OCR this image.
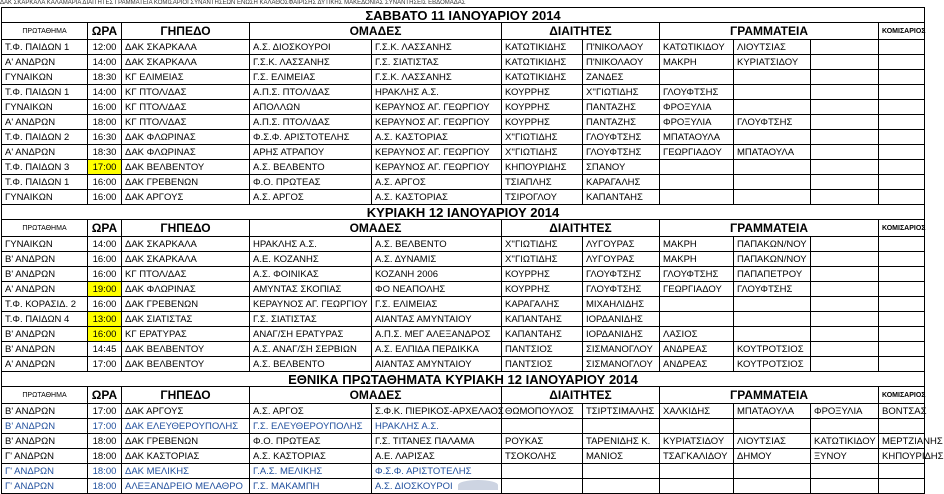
ΔΑΚ ΣΚΑΡΚΑΛΑ ΚΑΛΑΜΑΡΙΑ ΔΙΑΙΤΗΤΕΣ ΓΡΑΜΜΑΤΕΙΑ ΚΟΜΙΣΑΡΙΟΙ ΣΥΝΑΝΤΗΣΕΩΝ ΕΝΩΣΗ ΚΑΛΑΘΟΣΦΑΙΡΙΣΗΣ ΔΥΤΙΚΗΣ ΜΑΚΕΔΟΝΙΑΣ ΣΥΝΑΝΤΗΣΕΙΣ ΕΒΔΟΜΑΔΑΣ
ΣΑΒΒΑΤΟ 11 ΙΑΝΟΥΑΡΙΟΥ 2014										
ΠΡΩΤΑΘΗΜΑ	ΩΡΑ	ΓΗΠΕΔΟ	ΟΜΑΔΕΣ		ΔΙΑΙΤΗΤΕΣ		ΓΡΑΜΜΑΤΕΙΑ			ΚΟΜΙΣΑΡΙΟΣ
Τ.Φ. ΠΑΙΔΩΝ 1	12:00	ΔΑΚ ΣΚΑΡΚΑΛΑ	Α.Σ. ΔΙΟΣΚΟΥΡΟΙ	Γ.Σ.Κ. ΛΑΣΣΑΝΗΣ	ΚΑΤΩΤΙΚΙΔΗΣ	Π'ΝΙΚΟΛΑΟΥ	ΚΑΤΩΤΙΚΙΔΟΥ	ΛΙΟΥΤΣΙΑΣ		
Α' ΑΝΔΡΩΝ	14:00	ΔΑΚ ΣΚΑΡΚΑΛΑ	Γ.Σ.Κ. ΛΑΣΣΑΝΗΣ	Γ.Σ. ΣΙΑΤΙΣΤΑΣ	ΚΑΤΩΤΙΚΙΔΗΣ	Π'ΝΙΚΟΛΑΟΥ	ΜΑΚΡΗ	ΚΥΡΙΑΤΣΙΔΟΥ		
ΓΥΝΑΙΚΩΝ	18:30	ΚΓ ΕΛΙΜΕΙΑΣ	Γ.Σ. ΕΛΙΜΕΙΑΣ	Γ.Σ.Κ. ΛΑΣΣΑΝΗΣ	ΚΑΤΩΤΙΚΙΔΗΣ	ΖΑΝΔΕΣ				
Τ.Φ. ΠΑΙΔΩΝ 1	14:00	ΚΓ ΠΤΟΛ/ΔΑΣ	Α.Π.Σ. ΠΤΟΛ/ΔΑΣ	ΗΡΑΚΛΗΣ Α.Σ.	ΚΟΥΡΡΗΣ	Χ''ΓΙΩΤΙΔΗΣ	ΓΛΟΥΦΤΣΗΣ			
ΓΥΝΑΙΚΩΝ	16:00	ΚΓ ΠΤΟΛ/ΔΑΣ	ΑΠΟΛΛΩΝ	ΚΕΡΑΥΝΟΣ ΑΓ. ΓΕΩΡΓΙΟΥ	ΚΟΥΡΡΗΣ	ΠΑΝΤΑΖΗΣ	ΦΡΟΞΥΛΙΑ			
Α' ΑΝΔΡΩΝ	18:00	ΚΓ ΠΤΟΛ/ΔΑΣ	Α.Π.Σ. ΠΤΟΛ/ΔΑΣ	ΚΕΡΑΥΝΟΣ ΑΓ. ΓΕΩΡΓΙΟΥ	ΚΟΥΡΡΗΣ	ΠΑΝΤΑΖΗΣ	ΦΡΟΞΥΛΙΑ	ΓΛΟΥΦΤΣΗΣ		
Τ.Φ. ΠΑΙΔΩΝ 2	16:30	ΔΑΚ ΦΛΩΡΙΝΑΣ	Φ.Σ.Φ. ΑΡΙΣΤΟΤΕΛΗΣ	Α.Σ. ΚΑΣΤΟΡΙΑΣ	Χ''ΓΙΩΤΙΔΗΣ	ΓΛΟΥΦΤΣΗΣ	ΜΠΑΤΑΟΥΛΑ			
Α' ΑΝΔΡΩΝ	18:30	ΔΑΚ ΦΛΩΡΙΝΑΣ	ΑΡΗΣ ΑΤΡΑΠΟΥ	ΚΕΡΑΥΝΟΣ ΑΓ. ΓΕΩΡΓΙΟΥ	Χ''ΓΙΩΤΙΔΗΣ	ΓΛΟΥΦΤΣΗΣ	ΓΕΩΡΓΙΑΔΟΥ	ΜΠΑΤΑΟΥΛΑ		
Τ.Φ. ΠΑΙΔΩΝ 3	17:00	ΔΑΚ ΒΕΛΒΕΝΤΟΥ	Α.Σ. ΒΕΛΒΕΝΤΟ	ΚΕΡΑΥΝΟΣ ΑΓ. ΓΕΩΡΓΙΟΥ	ΚΗΠΟΥΡΙΔΗΣ	ΣΠΑΝΟΥ				
Τ.Φ. ΠΑΙΔΩΝ 1	16:00	ΔΑΚ ΓΡΕΒΕΝΩΝ	Φ.Ο. ΠΡΩΤΕΑΣ	Α.Σ. ΑΡΓΟΣ	ΤΣΙΑΠΛΗΣ	ΚΑΡΑΓΑΛΗΣ				
ΓΥΝΑΙΚΩΝ	16:00	ΔΑΚ ΑΡΓΟΥΣ	Α.Σ. ΑΡΓΟΣ	Α.Σ. ΚΑΣΤΟΡΙΑΣ	ΤΣΙΡΟΓΛΟΥ	ΚΑΠΑΝΤΑΗΣ				
ΚΥΡΙΑΚΗ 12 ΙΑΝΟΥΑΡΙΟΥ 2014										
ΠΡΩΤΑΘΗΜΑ	ΩΡΑ	ΓΗΠΕΔΟ	ΟΜΑΔΕΣ		ΔΙΑΙΤΗΤΕΣ		ΓΡΑΜΜΑΤΕΙΑ			ΚΟΜΙΣΑΡΙΟΣ
ΓΥΝΑΙΚΩΝ	14:00	ΔΑΚ ΣΚΑΡΚΑΛΑ	ΗΡΑΚΛΗΣ Α.Σ.	Α.Σ. ΒΕΛΒΕΝΤΟ	Χ''ΓΙΩΤΙΔΗΣ	ΛΥΓΟΥΡΑΣ	ΜΑΚΡΗ	ΠΑΠΑΚΩΝ/ΝΟΥ		
Β' ΑΝΔΡΩΝ	16:00	ΔΑΚ ΣΚΑΡΚΑΛΑ	Α.Ε. ΚΟΖΑΝΗΣ	Α.Σ. ΔΥΝΑΜΙΣ	Χ''ΓΙΩΤΙΔΗΣ	ΛΥΓΟΥΡΑΣ	ΜΑΚΡΗ	ΠΑΠΑΚΩΝ/ΝΟΥ		
Β' ΑΝΔΡΩΝ	16:00	ΚΓ ΠΤΟΛ/ΔΑΣ	Α.Σ. ΦΟΙΝΙΚΑΣ	ΚΟΖΑΝΗ 2006	ΚΟΥΡΡΗΣ	ΓΛΟΥΦΤΣΗΣ	ΓΛΟΥΦΤΣΗΣ	ΠΑΠΑΠΕΤΡΟΥ		
Α' ΑΝΔΡΩΝ	19:00	ΔΑΚ ΦΛΩΡΙΝΑΣ	ΑΜΥΝΤΑΣ ΣΚΟΠΙΑΣ	ΦΟ ΝΕΑΠΟΛΗΣ	ΚΟΥΡΡΗΣ	ΓΛΟΥΦΤΣΗΣ	ΓΕΩΡΓΙΑΔΟΥ	ΓΛΟΥΦΤΣΗΣ		
Τ.Φ. ΚΟΡΑΣΙΔ. 2	16:00	ΔΑΚ ΓΡΕΒΕΝΩΝ	ΚΕΡΑΥΝΟΣ ΑΓ. ΓΕΩΡΓΙΟΥ	Γ.Σ. ΕΛΙΜΕΙΑΣ	ΚΑΡΑΓΑΛΗΣ	ΜΙΧΑΗΛΙΔΗΣ				
Τ.Φ. ΠΑΙΔΩΝ 4	13:00	ΔΑΚ ΣΙΑΤΙΣΤΑΣ	Γ.Σ. ΣΙΑΤΙΣΤΑΣ	ΑΙΑΝΤΑΣ ΑΜΥΝΤΑΙΟΥ	ΚΑΠΑΝΤΑΗΣ	ΙΟΡΔΑΝΙΔΗΣ				
Β' ΑΝΔΡΩΝ	16:00	ΚΓ ΕΡΑΤΥΡΑΣ	ΑΝΑΓ/ΣΗ ΕΡΑΤΥΡΑΣ	Α.Π.Σ. ΜΕΓ ΑΛΕΞΑΝΔΡΟΣ	ΚΑΠΑΝΤΑΗΣ	ΙΟΡΔΑΝΙΔΗΣ	ΛΑΣΙΟΣ			
Β' ΑΝΔΡΩΝ	14:45	ΔΑΚ ΒΕΛΒΕΝΤΟΥ	Α.Σ. ΑΝΑΓ/ΣΗ ΣΕΡΒΙΩΝ	Α.Σ. ΕΛΠΙΔΑ ΠΕΡΔΙΚΚΑ	ΠΑΝΤΣΙΟΣ	ΣΙΣΜΑΝΟΓΛΟΥ	ΑΝΔΡΕΑΣ	ΚΟΥΤΡΟΤΣΙΟΣ		
Α' ΑΝΔΡΩΝ	17:00	ΔΑΚ ΒΕΛΒΕΝΤΟΥ	Α.Σ. ΒΕΛΒΕΝΤΟ	ΑΙΑΝΤΑΣ ΑΜΥΝΤΑΙΟΥ	ΠΑΝΤΣΙΟΣ	ΣΙΣΜΑΝΟΓΛΟΥ	ΑΝΔΡΕΑΣ	ΚΟΥΤΡΟΤΣΙΟΣ		
ΕΘΝΙΚΑ ΠΡΩΤΑΘΗΜΑΤΑ ΚΥΡΙΑΚΗ 12 ΙΑΝΟΥΑΡΙΟΥ 2014										
ΠΡΩΤΑΘΗΜΑ	ΩΡΑ	ΓΗΠΕΔΟ	ΟΜΑΔΕΣ		ΔΙΑΙΤΗΤΕΣ		ΓΡΑΜΜΑΤΕΙΑ			ΚΟΜΙΣΑΡΙΟΣ
Β' ΑΝΔΡΩΝ	17:00	ΔΑΚ ΑΡΓΟΥΣ	Α.Σ. ΑΡΓΟΣ	Σ.Φ.Κ. ΠΙΕΡΙΚΟΣ-ΑΡΧΕΛΑΟΣ	ΘΩΜΟΠΟΥΛΟΣ	ΤΣΙΡΤΣΙΜΑΛΗΣ	ΧΑΛΚΙΔΗΣ	ΜΠΑΤΑΟΥΛΑ	ΦΡΟΞΥΛΙΑ	ΒΟΝΤΣΑΣ
Β' ΑΝΔΡΩΝ	17:00	ΔΑΚ ΕΛΕΥΘΕΡΟΥΠΟΛΗΣ	Γ.Σ. ΕΛΕΥΘΕΡΟΥΠΟΛΗΣ	ΗΡΑΚΛΗΣ Α.Σ.						
Β' ΑΝΔΡΩΝ	18:00	ΔΑΚ ΓΡΕΒΕΝΩΝ	Φ.Ο. ΠΡΩΤΕΑΣ	Γ.Σ. ΤΙΤΑΝΕΣ ΠΑΛΑΜΑ	ΡΟΥΚΑΣ	ΤΑΡΕΝΙΔΗΣ Κ.	ΚΥΡΙΑΤΣΙΔΟΥ	ΛΙΟΥΤΣΙΑΣ	ΚΑΤΩΤΙΚΙΔΟΥ	ΜΕΡΤΖΙΑΝΗΣ
Γ' ΑΝΔΡΩΝ	18:00	ΔΑΚ ΚΑΣΤΟΡΙΑΣ	Α.Σ. ΚΑΣΤΟΡΙΑΣ	Α.Ε. ΛΑΡΙΣΑΣ	ΤΣΟΚΟΛΗΣ	ΜΑΝΙΟΣ	ΤΣΑΓΚΑΛΙΔΟΥ	ΔΗΜΟΥ	ΞΥΝΟΥ	ΚΗΠΟΥΡΙΔΗΣ
Γ' ΑΝΔΡΩΝ	18:00	ΔΑΚ ΜΕΛΙΚΗΣ	Γ.Α.Σ. ΜΕΛΙΚΗΣ	Φ.Σ.Φ. ΑΡΙΣΤΟΤΕΛΗΣ						
Γ' ΑΝΔΡΩΝ	18:00	ΑΛΕΞΑΝΔΡΕΙΟ ΜΕΛΑΘΡΟ	Γ.Σ. ΜΑΚΑΜΠΗ	Α.Σ. ΔΙΟΣΚΟΥΡΟΙ						
